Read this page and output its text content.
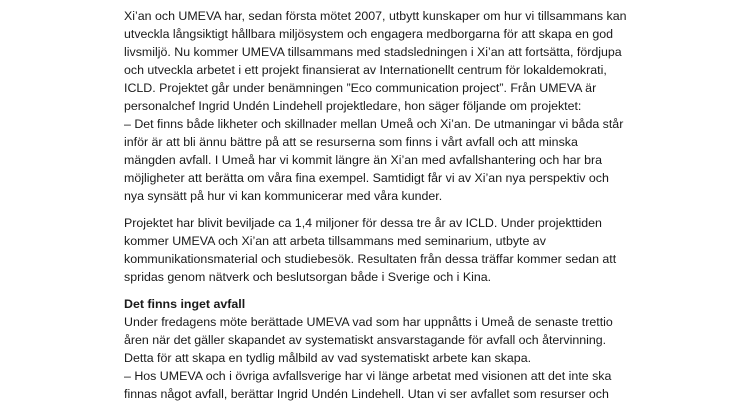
Xi’an och UMEVA har, sedan första mötet 2007, utbytt kunskaper om hur vi tillsammans kan
utveckla långsiktigt hållbara miljösystem och engagera medborgarna för att skapa en god
livsmiljö. Nu kommer UMEVA tillsammans med stadsledningen i Xi’an att fortsätta, fördjupa
och utveckla arbetet i ett projekt finansierat av Internationellt centrum för lokaldemokrati,
ICLD. Projektet går under benämningen ”Eco communication project”. Från UMEVA är
personalchef Ingrid Undén Lindehell projektledare, hon säger följande om projektet:
– Det finns både likheter och skillnader mellan Umeå och Xi’an. De utmaningar vi båda står
inför är att bli ännu bättre på att se resurserna som finns i vårt avfall och att minska
mängden avfall. I Umeå har vi kommit längre än Xi’an med avfallshantering och har bra
möjligheter att berätta om våra fina exempel. Samtidigt får vi av Xi’an nya perspektiv och
nya synsätt på hur vi kan kommunicerar med våra kunder.
Projektet har blivit beviljade ca 1,4 miljoner för dessa tre år av ICLD. Under projekttiden
kommer UMEVA och Xi’an att arbeta tillsammans med seminarium, utbyte av
kommunikationsmaterial och studiebesök. Resultaten från dessa träffar kommer sedan att
spridas genom nätverk och beslutsorgan både i Sverige och i Kina.
Det finns inget avfall
Under fredagens möte berättade UMEVA vad som har uppnåtts i Umeå de senaste trettio
åren när det gäller skapandet av systematiskt ansvarstagande för avfall och återvinning.
Detta för att skapa en tydlig målbild av vad systematiskt arbete kan skapa.
– Hos UMEVA och i övriga avfallsverige har vi länge arbetat med visionen att det inte ska
finnas något avfall, berättar Ingrid Undén Lindehell. Utan vi ser avfallet som resurser och
